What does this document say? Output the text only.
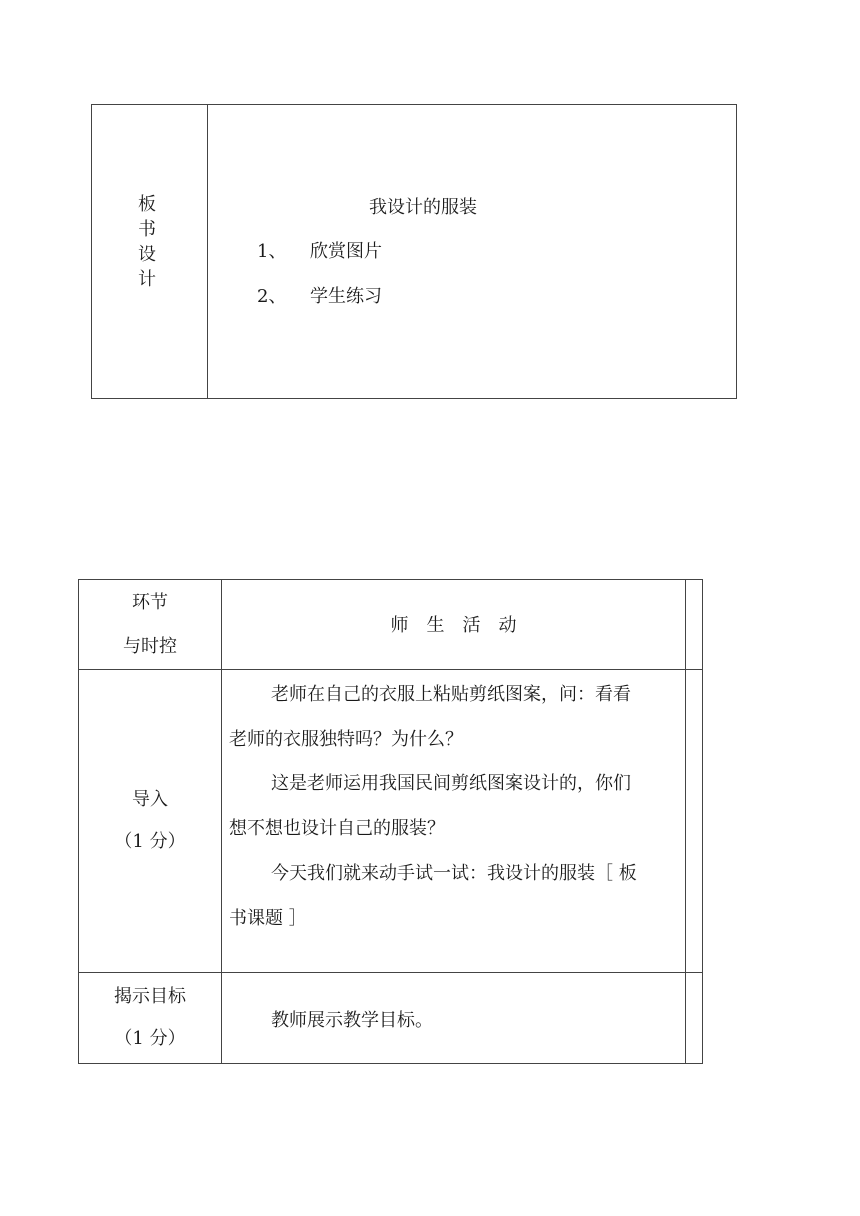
板
书
设
计
我设计的服装
1、 欣赏图片
2、 学生练习
环节
与时控
师　生　活　动
导入
（1 分）
老师在自己的衣服上粘贴剪纸图案，问：看看
老师的衣服独特吗？为什么？
这是老师运用我国民间剪纸图案设计的，你们
想不想也设计自己的服装？
今天我们就来动手试一试：我设计的服装［ 板
书课题 ］
揭示目标
（1 分）
教师展示教学目标。
